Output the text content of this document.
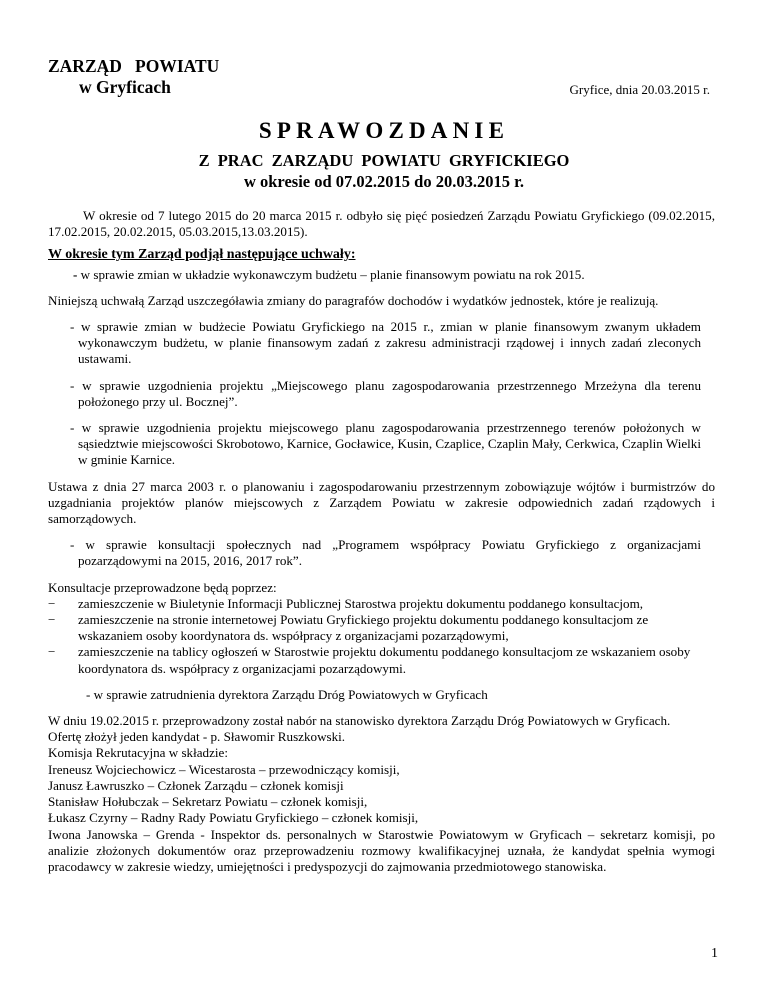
ZARZĄD   POWIATU
w Gryficach	Gryfice, dnia 20.03.2015 r.
SPRAWOZDANIE
Z PRAC ZARZĄDU POWIATU GRYFICKIEGO
w okresie od 07.02.2015 do 20.03.2015 r.

W okresie od 7 lutego 2015 do 20 marca 2015 r. odbyło się pięć posiedzeń Zarządu Powiatu Gryfickiego (09.02.2015, 17.02.2015, 20.02.2015, 05.03.2015,13.03.2015).

W okresie tym Zarząd podjął następujące uchwały:

- w sprawie zmian w układzie wykonawczym budżetu – planie finansowym powiatu na rok 2015.

Niniejszą uchwałą Zarząd uszczegóławia zmiany do paragrafów dochodów i wydatków jednostek, które je realizują.

- w sprawie zmian w budżecie Powiatu Gryfickiego na 2015 r., zmian w planie finansowym zwanym układem wykonawczym budżetu, w planie finansowym zadań z zakresu administracji rządowej i innych zadań zleconych ustawami.

- w sprawie uzgodnienia projektu „Miejscowego planu zagospodarowania przestrzennego Mrzeżyna dla terenu położonego przy ul. Bocznej”.

- w sprawie uzgodnienia projektu miejscowego planu zagospodarowania przestrzennego terenów położonych w sąsiedztwie miejscowości Skrobotowo, Karnice, Gocławice, Kusin, Czaplice, Czaplin Mały, Cerkwica, Czaplin Wielki w gminie Karnice.

Ustawa z dnia 27 marca 2003 r. o planowaniu i zagospodarowaniu przestrzennym zobowiązuje wójtów i burmistrzów do uzgadniania projektów planów miejscowych z Zarządem Powiatu w zakresie odpowiednich zadań rządowych i samorządowych.

- w sprawie konsultacji społecznych nad „Programem współpracy Powiatu Gryfickiego z organizacjami pozarządowymi na 2015, 2016, 2017 rok”.

Konsultacje przeprowadzone będą poprzez:

− zamieszczenie w Biuletynie Informacji Publicznej Starostwa projektu dokumentu poddanego konsultacjom,
− zamieszczenie na stronie internetowej Powiatu Gryfickiego projektu dokumentu poddanego konsultacjom ze wskazaniem osoby koordynatora ds. współpracy z organizacjami pozarządowymi,
− zamieszczenie na tablicy ogłoszeń w Starostwie projektu dokumentu poddanego konsultacjom ze wskazaniem osoby koordynatora ds. współpracy z organizacjami pozarządowymi.

- w sprawie zatrudnienia dyrektora Zarządu Dróg Powiatowych w Gryficach

W dniu 19.02.2015 r. przeprowadzony został nabór na stanowisko dyrektora Zarządu Dróg Powiatowych w Gryficach. Ofertę złożył jeden kandydat - p. Sławomir Ruszkowski.

Komisja Rekrutacyjna w składzie:

Ireneusz Wojciechowicz – Wicestarosta – przewodniczący komisji,

Janusz Ławruszko – Członek Zarządu – członek komisji

Stanisław Hołubczak – Sekretarz Powiatu – członek komisji,

Łukasz Czyrny – Radny Rady Powiatu Gryfickiego – członek komisji,

Iwona Janowska – Grenda - Inspektor ds. personalnych w Starostwie Powiatowym w Gryficach – sekretarz komisji, po analizie złożonych dokumentów oraz przeprowadzeniu rozmowy kwalifikacyjnej uznała, że kandydat spełnia wymogi pracodawcy w zakresie wiedzy, umiejętności i predyspozycji do zajmowania przedmiotowego stanowiska.

1
